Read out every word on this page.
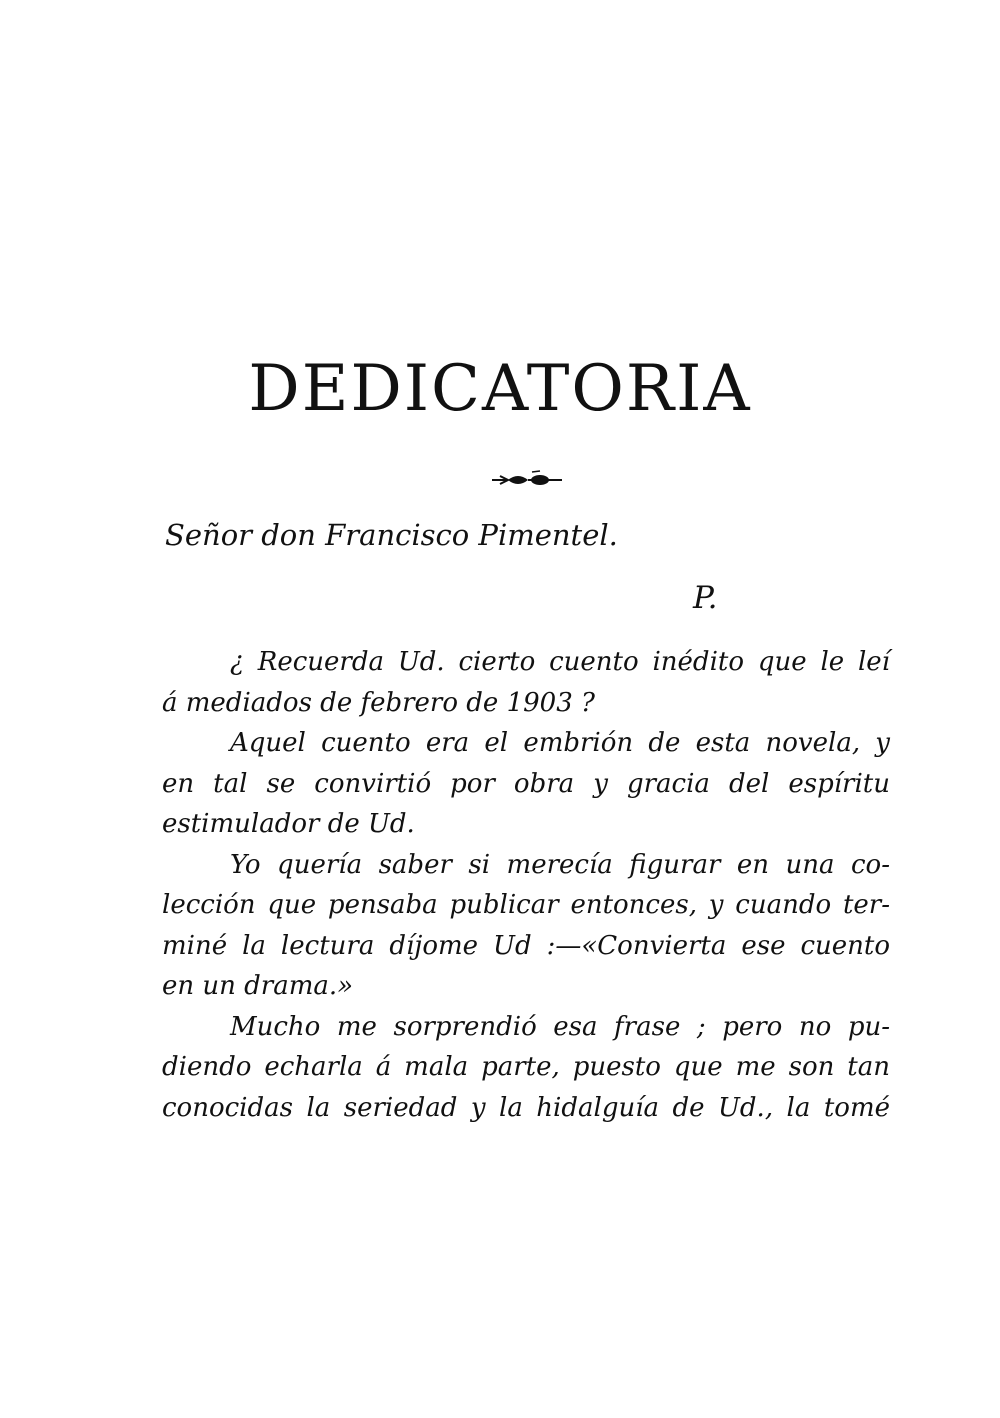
DEDICATORIA
Señor don Francisco Pimentel.
P.

¿ Recuerda Ud. cierto cuento inédito que le leí
á mediados de febrero de 1903 ?

Aquel cuento era el embrión de esta novela, y
en tal se convirtió por obra y gracia del espíritu
estimulador de Ud.

Yo quería saber si merecía figurar en una co-
lección que pensaba publicar entonces, y cuando ter-
miné la lectura díjome Ud :—«Convierta ese cuento
en un drama.»

Mucho me sorprendió esa frase ; pero no pu-
diendo echarla á mala parte, puesto que me son tan
conocidas la seriedad y la hidalguía de Ud., la tomé
